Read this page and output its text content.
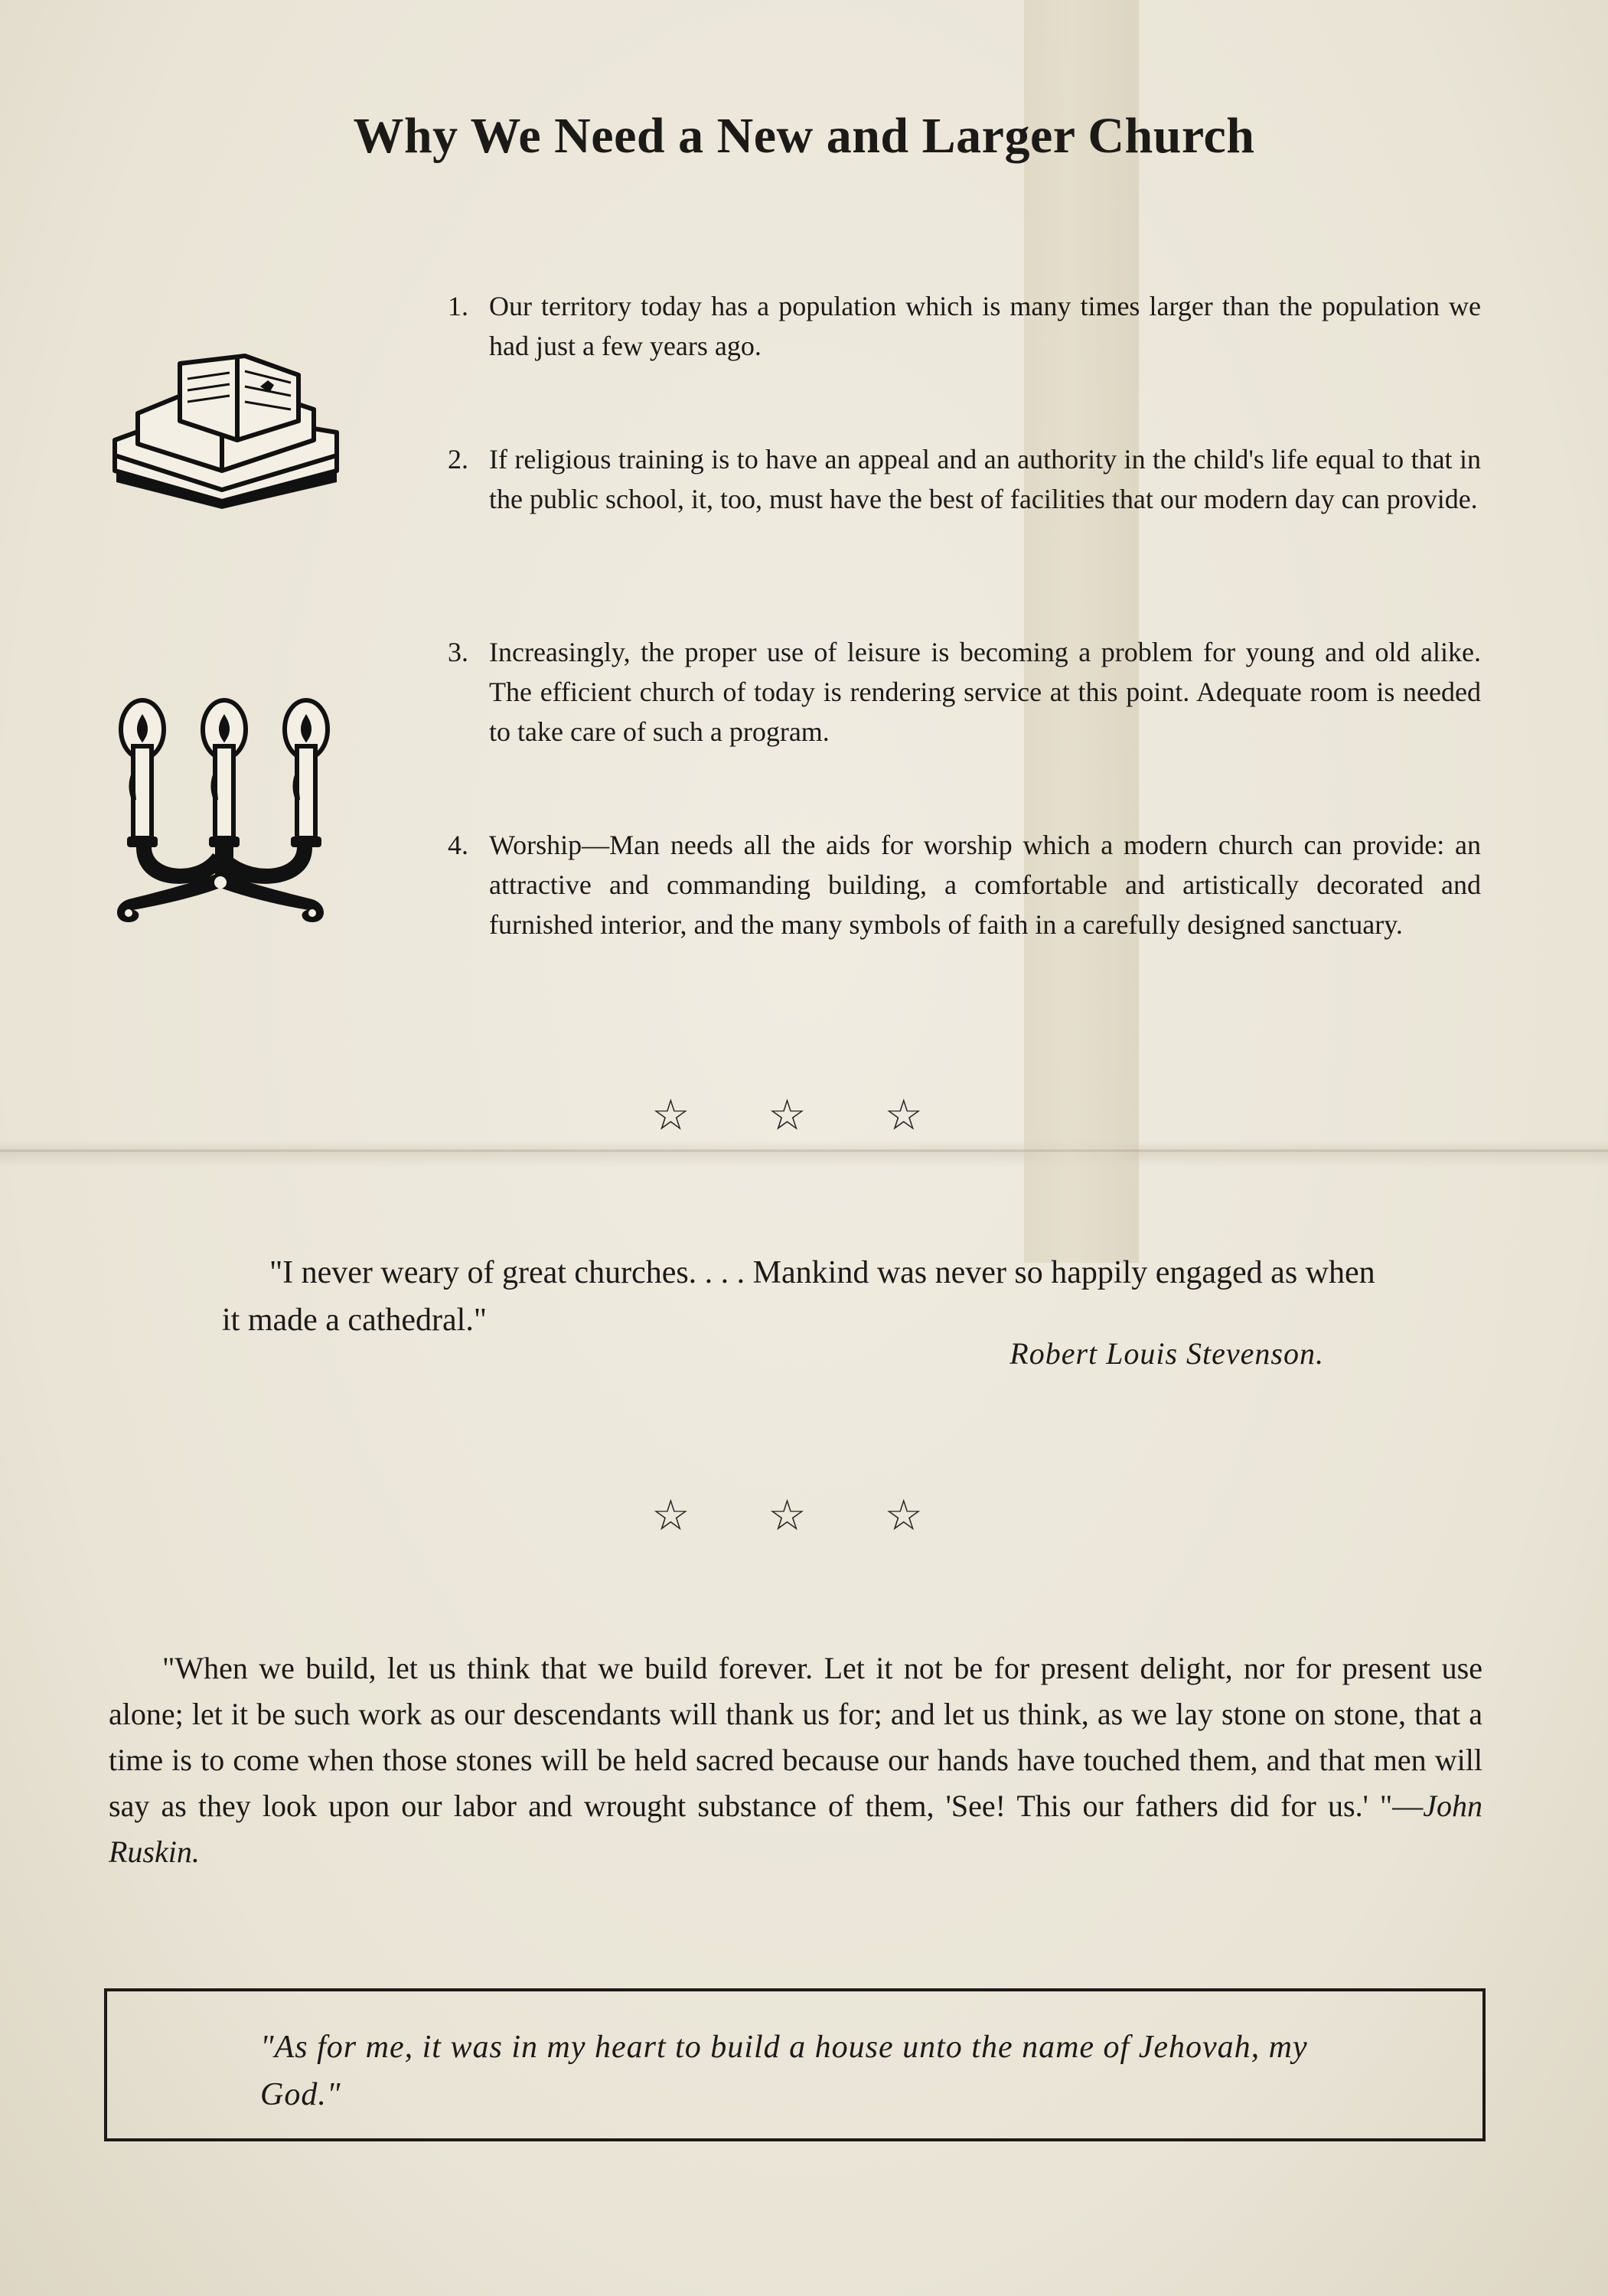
Why We Need a New and Larger Church
1. Our territory today has a population which is many times larger than the population we had just a few years ago.
2. If religious training is to have an appeal and an authority in the child's life equal to that in the public school, it, too, must have the best of facilities that our modern day can provide.
3. Increasingly, the proper use of leisure is becoming a problem for young and old alike. The efficient church of today is rendering service at this point. Adequate room is needed to take care of such a program.
4. Worship—Man needs all the aids for worship which a modern church can provide: an attractive and commanding building, a comfortable and artistically decorated and furnished interior, and the many symbols of faith in a carefully designed sanctuary.
☆ ☆ ☆

"I never weary of great churches. . . . Mankind was never so happily engaged as when it made a cathedral."

Robert Louis Stevenson.
☆ ☆ ☆

"When we build, let us think that we build forever. Let it not be for present delight, nor for present use alone; let it be such work as our descendants will thank us for; and let us think, as we lay stone on stone, that a time is to come when those stones will be held sacred because our hands have touched them, and that men will say as they look upon our labor and wrought substance of them, 'See! This our fathers did for us.' "—John Ruskin.

"As for me, it was in my heart to build a house unto the name of Jehovah, my God."
